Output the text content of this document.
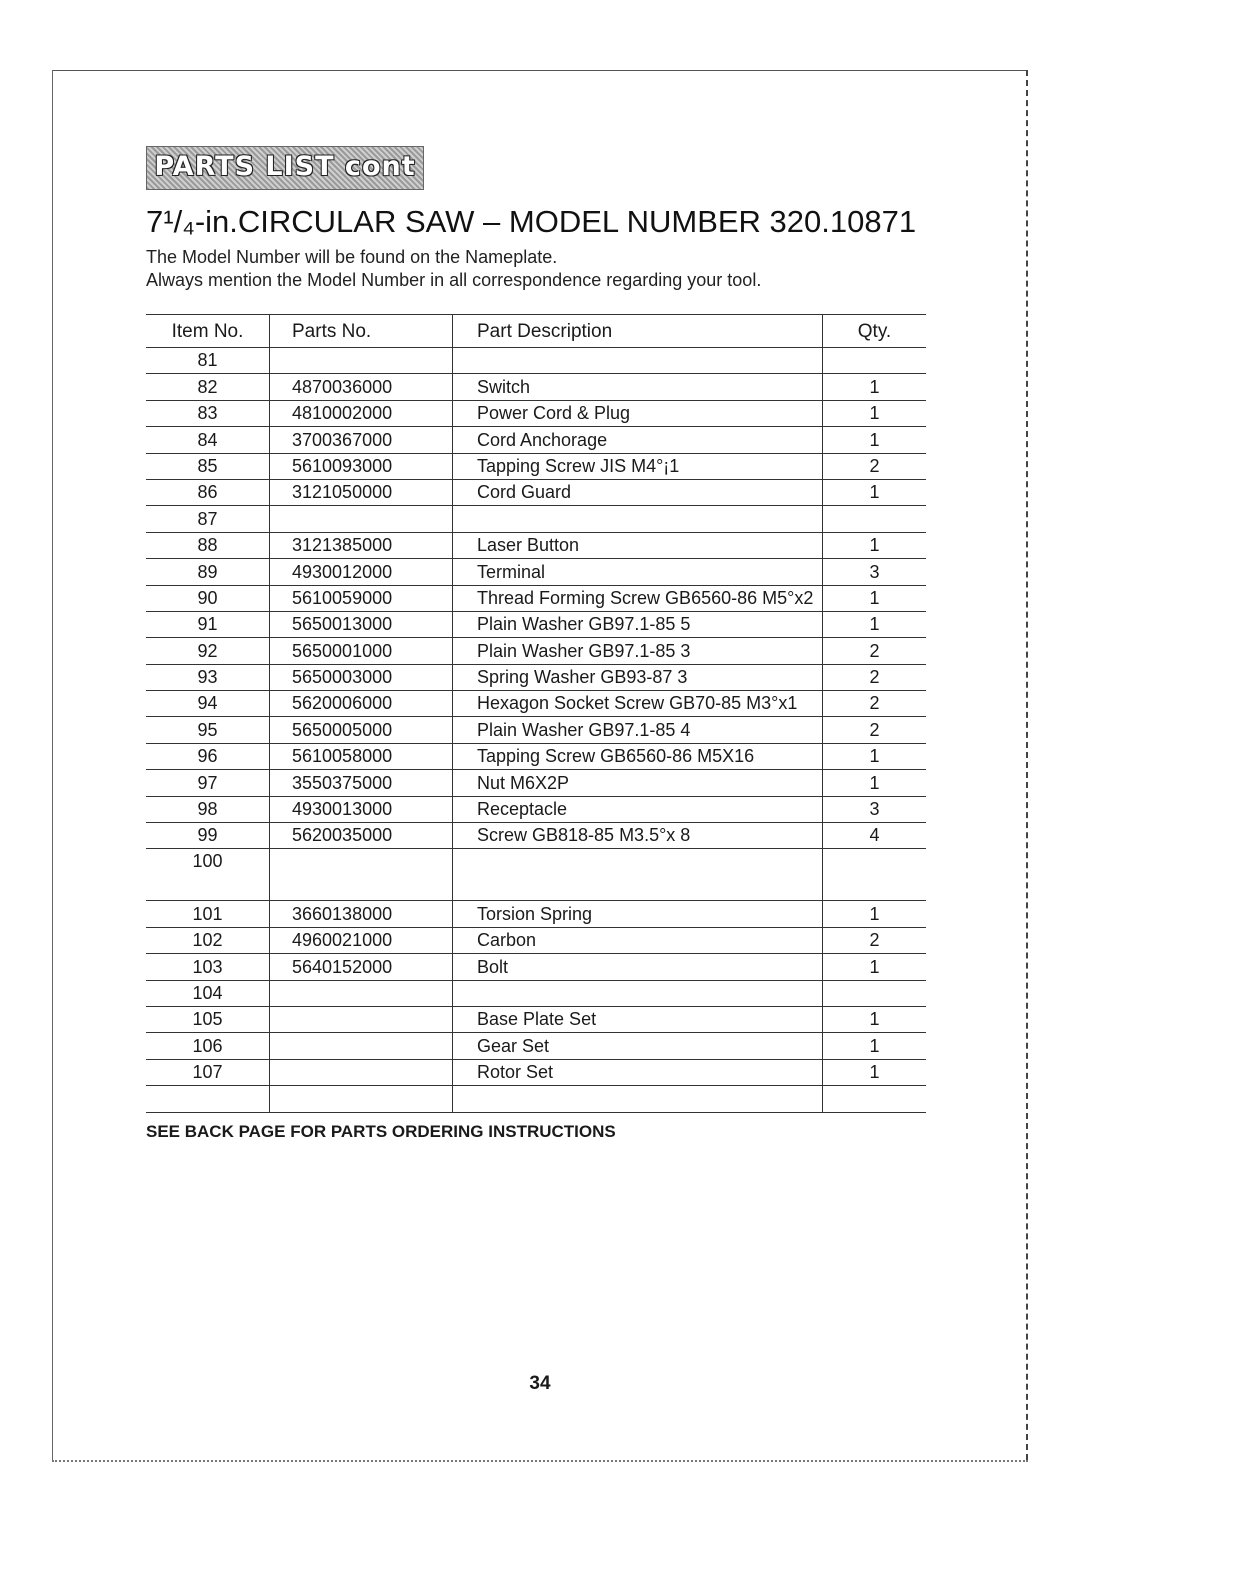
PARTS LIST cont
7¹/₄-in.CIRCULAR SAW – MODEL NUMBER 320.10871
The Model Number will be found on the Nameplate.
Always mention the Model Number in all correspondence regarding your tool.
Item No.	Parts No.	Part Description	Qty.
81			
82	4870036000	Switch	1
83	4810002000	Power Cord & Plug	1
84	3700367000	Cord Anchorage	1
85	5610093000	Tapping Screw JIS M4°¡1	2
86	3121050000	Cord Guard	1
87			
88	3121385000	Laser Button	1
89	4930012000	Terminal	3
90	5610059000	Thread Forming Screw GB6560-86 M5°x2	1
91	5650013000	Plain Washer GB97.1-85 5	1
92	5650001000	Plain Washer GB97.1-85 3	2
93	5650003000	Spring Washer GB93-87 3	2
94	5620006000	Hexagon Socket Screw GB70-85 M3°x1	2
95	5650005000	Plain Washer GB97.1-85 4	2
96	5610058000	Tapping Screw GB6560-86 M5X16	1
97	3550375000	Nut M6X2P	1
98	4930013000	Receptacle	3
99	5620035000	Screw GB818-85 M3.5°x 8	4
100			
101	3660138000	Torsion Spring	1
102	4960021000	Carbon	2
103	5640152000	Bolt	1
104			
105		Base Plate Set	1
106		Gear Set	1
107		Rotor Set	1

SEE BACK PAGE FOR PARTS ORDERING INSTRUCTIONS
34
